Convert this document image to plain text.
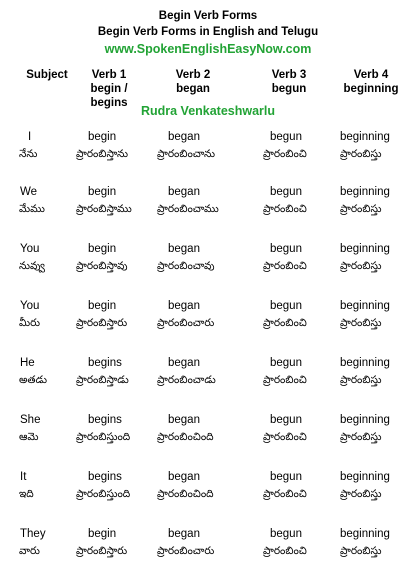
Begin Verb Forms
Begin Verb Forms in English and Telugu
www.SpokenEnglishEasyNow.com
Subject	Verb 1
begin /
begins
Verb 2
began
Verb 3
begun
Verb 4
beginning
Rudra Venkateshwarlu
I
నేను
begin
ప్రారంబిస్తాను
began
ప్రారంబించాను
begun
ప్రారంబించి
beginning
ప్రారంబిస్తు
We
మేము
begin
ప్రారంబిస్తాము
began
ప్రారంబించాము
begun
ప్రారంబించి
beginning
ప్రారంబిస్తు
You
నువ్వు
begin
ప్రారంబిస్తావు
began
ప్రారంబించావు
begun
ప్రారంబించి
beginning
ప్రారంబిస్తు
You
మీరు
begin
ప్రారంబిస్తారు
began
ప్రారంబించారు
begun
ప్రారంబించి
beginning
ప్రారంబిస్తు
He
అతడు
begins
ప్రారంబిస్తాడు
began
ప్రారంబించాడు
begun
ప్రారంబించి
beginning
ప్రారంబిస్తు
She
ఆమె
begins
ప్రారంబిస్తుంది
began
ప్రారంబించింది
begun
ప్రారంబించి
beginning
ప్రారంబిస్తు
It
ఇది
begins
ప్రారంబిస్తుంది
began
ప్రారంబించింది
begun
ప్రారంబించి
beginning
ప్రారంబిస్తు
They
వారు
begin
ప్రారంబిస్తారు
began
ప్రారంబించారు
begun
ప్రారంబించి
beginning
ప్రారంబిస్తు
